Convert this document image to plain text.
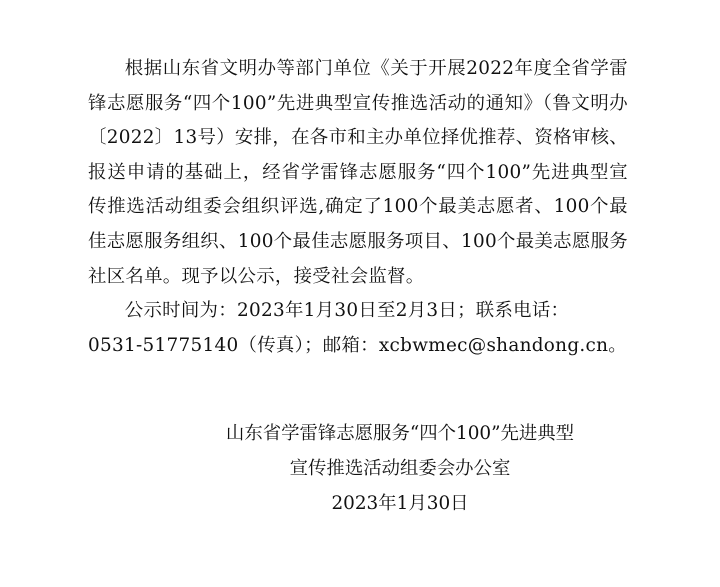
根据山东省文明办等部门单位《关于开展2022年度全省学雷锋志愿服务“四个100”先进典型宣传推选活动的通知》（鲁文明办〔2022〕13号）安排，在各市和主办单位择优推荐、资格审核、报送申请的基础上，经省学雷锋志愿服务“四个100”先进典型宣传推选活动组委会组织评选,确定了100个最美志愿者、100个最佳志愿服务组织、100个最佳志愿服务项目、100个最美志愿服务社区名单。现予以公示，接受社会监督。

公示时间为：2023年1月30日至2月3日；联系电话：

0531-51775140（传真）；邮箱：xcbwmec@shandong.cn。

山东省学雷锋志愿服务“四个100”先进典型
宣传推选活动组委会办公室
2023年1月30日
